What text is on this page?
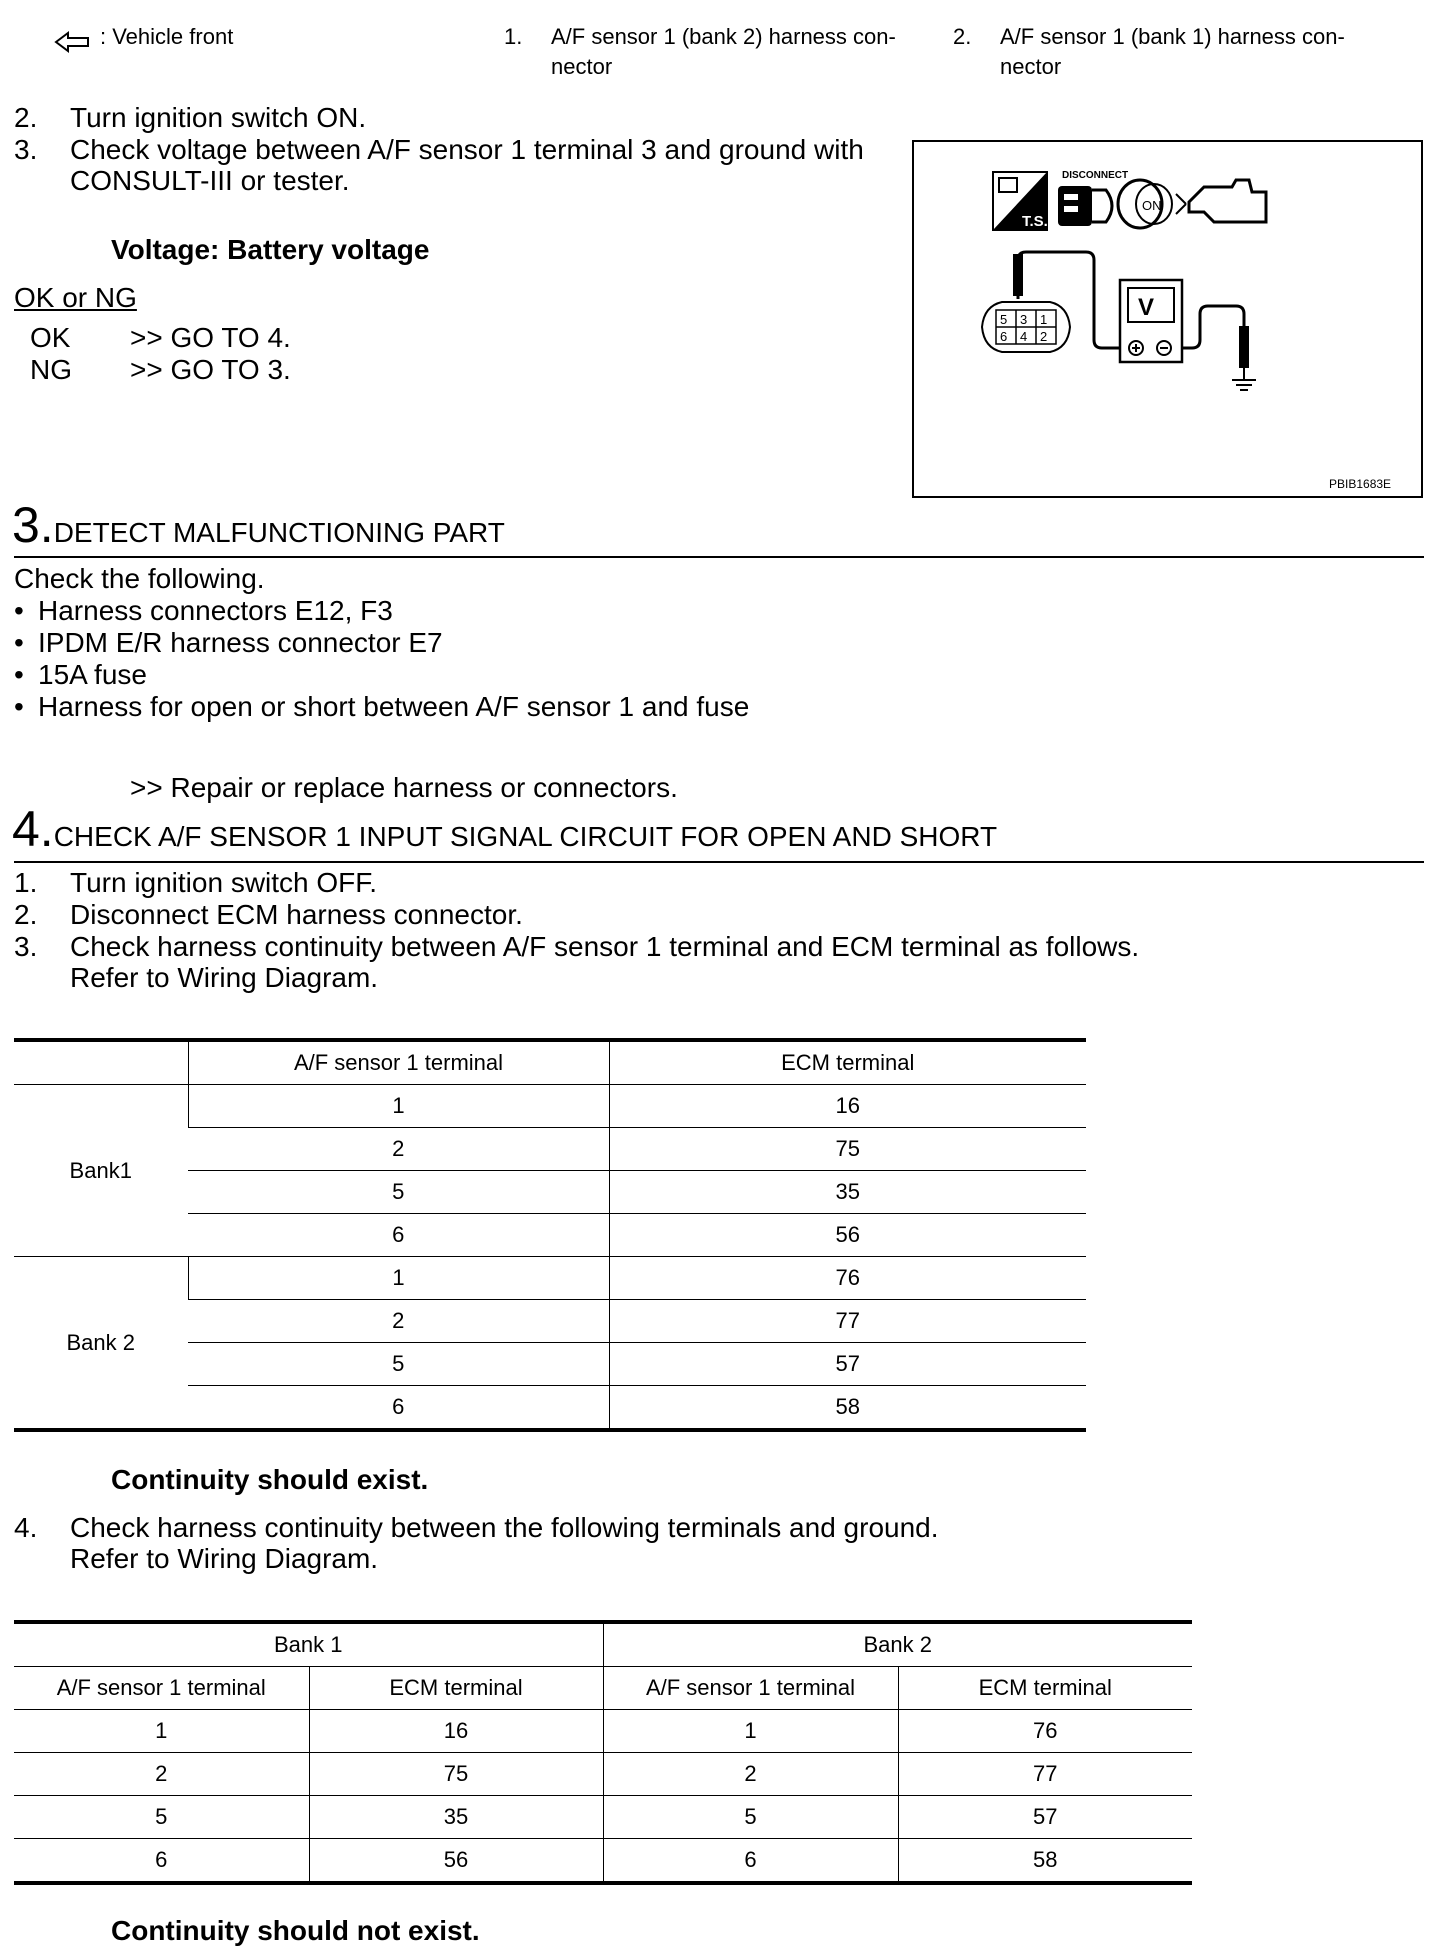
: Vehicle front	1. A/F sensor 1 (bank 2) harness con-
nector
2. A/F sensor 1 (bank 1) harness con-
nector
2. Turn ignition switch ON.
3. Check voltage between A/F sensor 1 terminal 3 and ground with
CONSULT-III or tester.
Voltage: Battery voltage
OK or NG
OK >> GO TO 4.
NG >> GO TO 3.
T.S.
DISCONNECT
ON
5 3 1
6 4 2
V
PBIB1683E
3.DETECT MALFUNCTIONING PART
Check the following.
• Harness connectors E12, F3
• IPDM E/R harness connector E7
• 15A fuse
• Harness for open or short between A/F sensor 1 and fuse
>> Repair or replace harness or connectors.
4.CHECK A/F SENSOR 1 INPUT SIGNAL CIRCUIT FOR OPEN AND SHORT
1. Turn ignition switch OFF.
2. Disconnect ECM harness connector.
3. Check harness continuity between A/F sensor 1 terminal and ECM terminal as follows.
Refer to Wiring Diagram.
	A/F sensor 1 terminal	ECM terminal
Bank1	1	16
	2	75
	5	35
	6	56
Bank 2	1	76
	2	77
	5	57
	6	58
Continuity should exist.
4. Check harness continuity between the following terminals and ground.
Refer to Wiring Diagram.
Bank 1		Bank 2	
A/F sensor 1 terminal	ECM terminal	A/F sensor 1 terminal	ECM terminal
1	16	1	76
2	75	2	77
5	35	5	57
6	56	6	58
Continuity should not exist.
